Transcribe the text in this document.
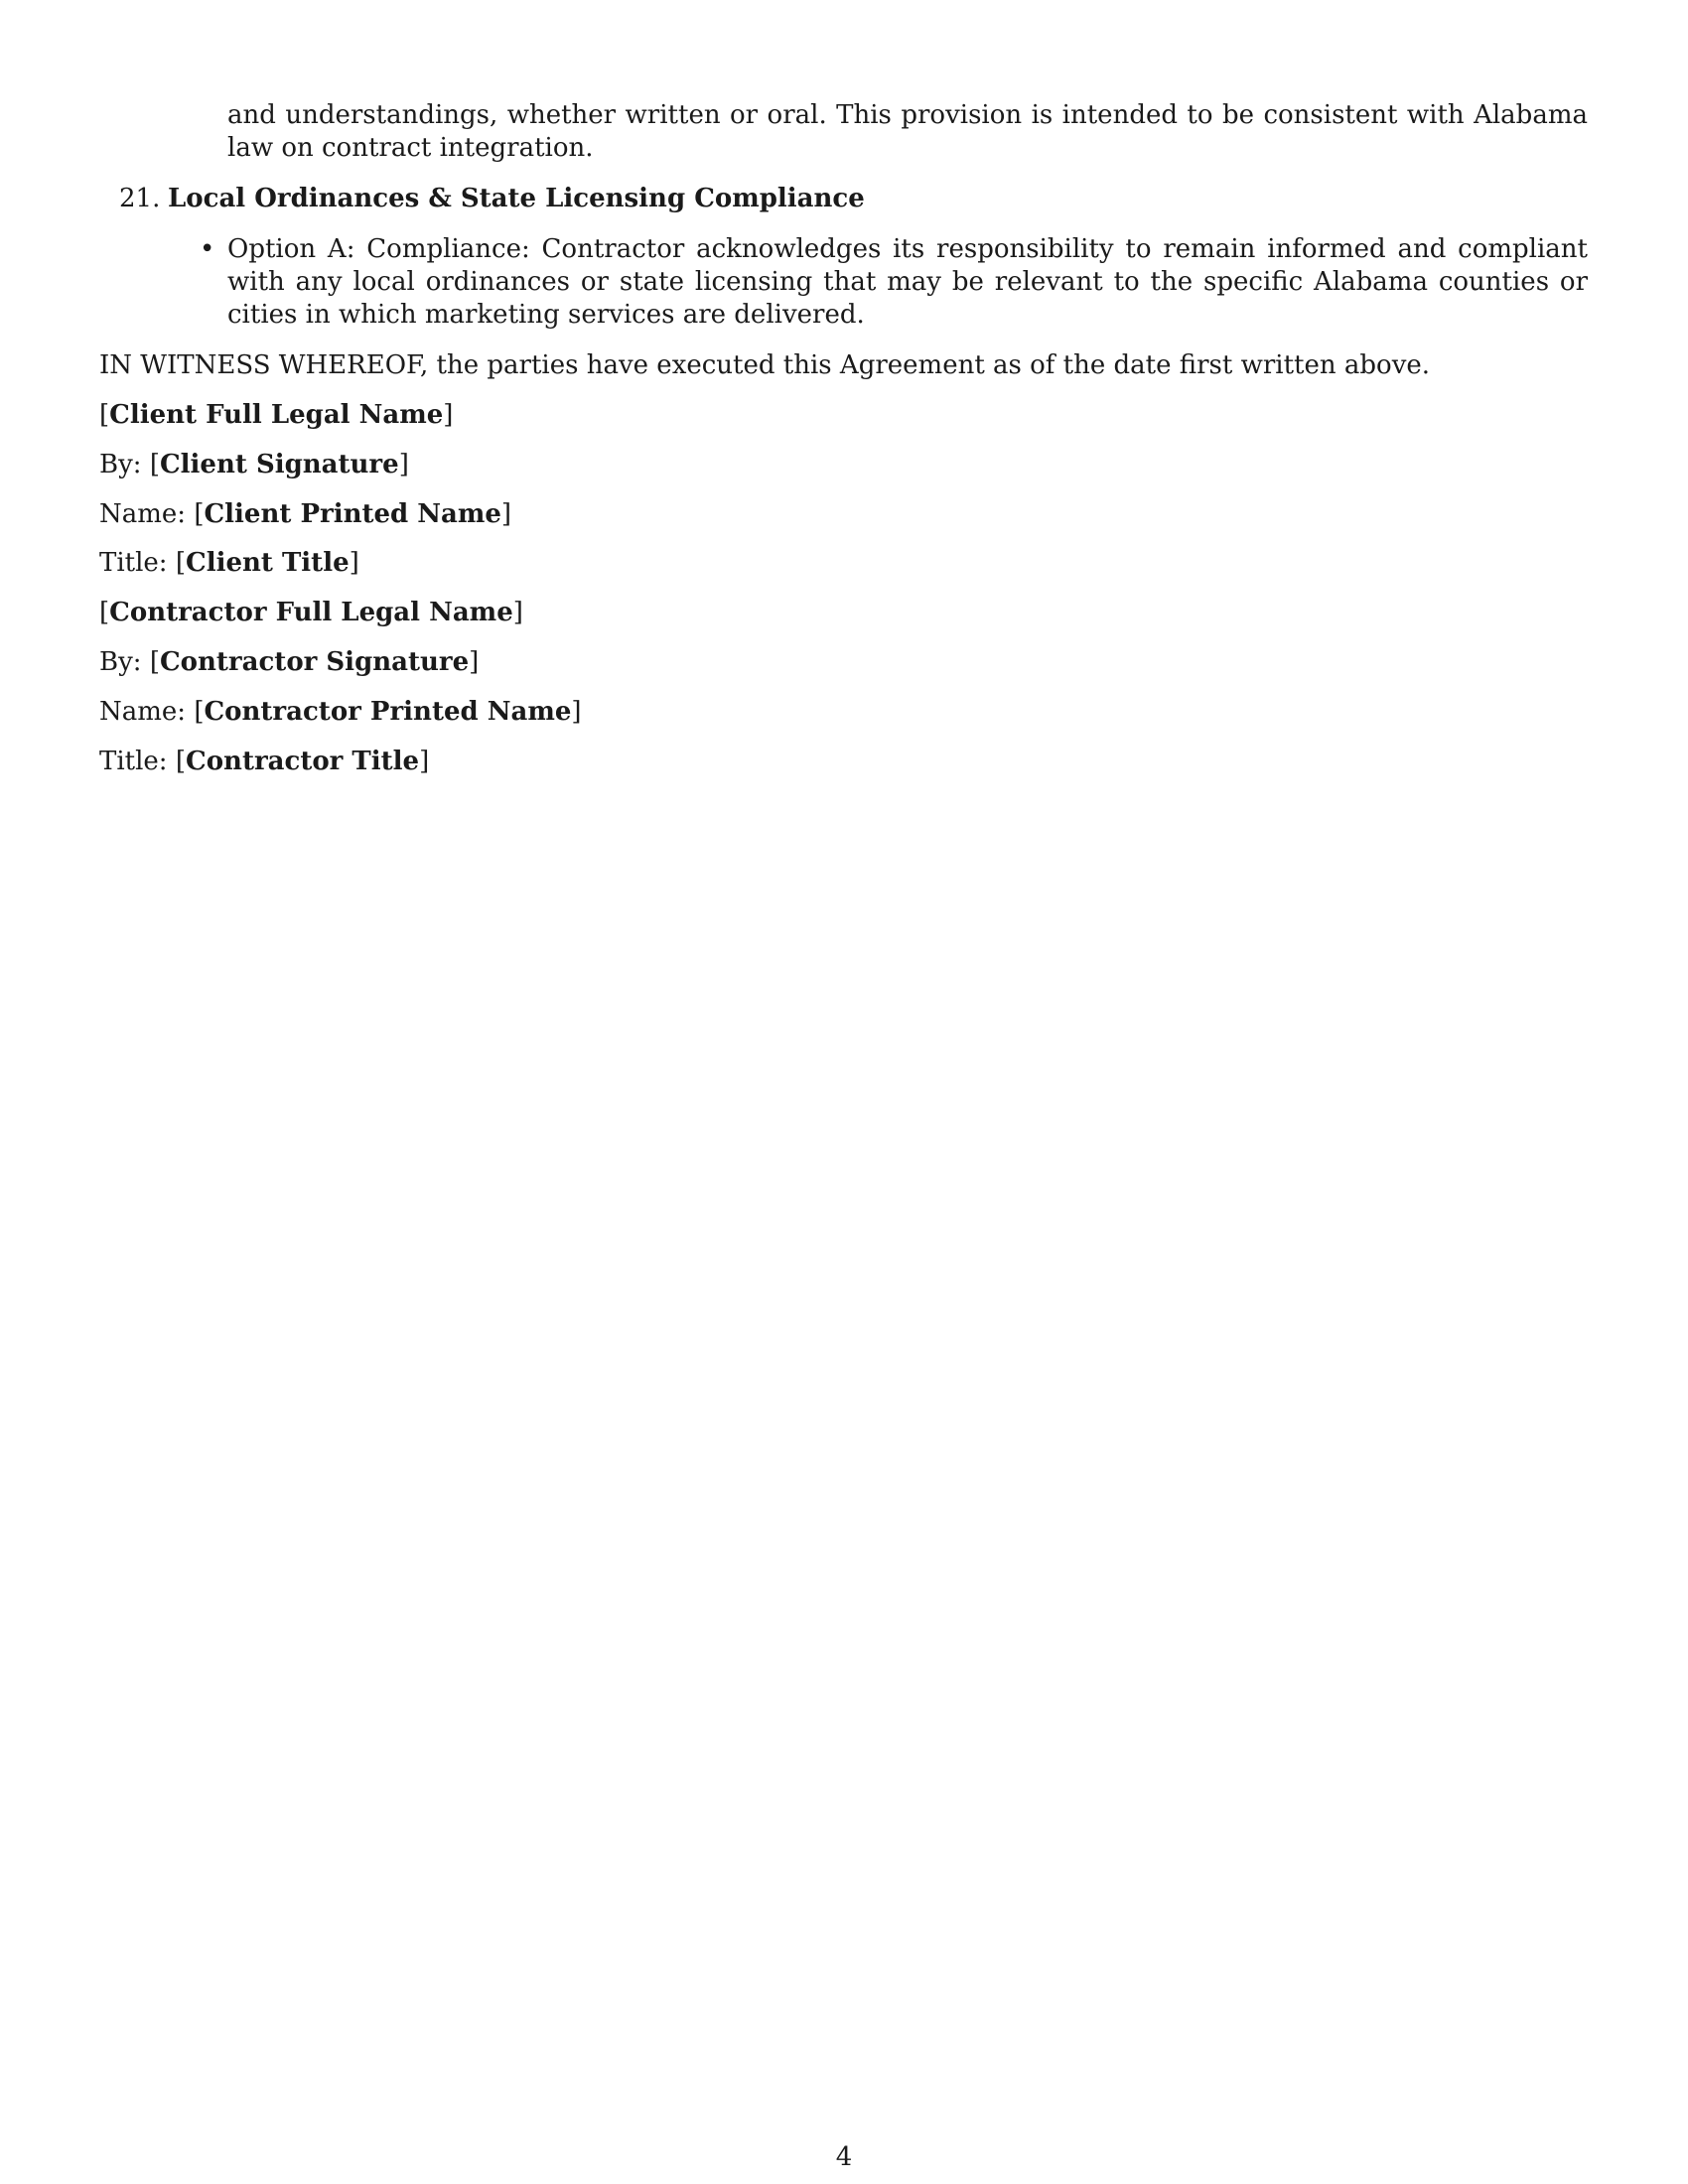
and understandings, whether written or oral. This provision is intended to be consistent with Alabama law on contract integration.
21. Local Ordinances & State Licensing Compliance
• Option A: Compliance: Contractor acknowledges its responsibility to remain informed and compliant with any local ordinances or state licensing that may be relevant to the specific Alabama counties or cities in which marketing services are delivered.
IN WITNESS WHEREOF, the parties have executed this Agreement as of the date first written above.
[Client Full Legal Name]
By: [Client Signature]
Name: [Client Printed Name]
Title: [Client Title]
[Contractor Full Legal Name]
By: [Contractor Signature]
Name: [Contractor Printed Name]
Title: [Contractor Title]
4
